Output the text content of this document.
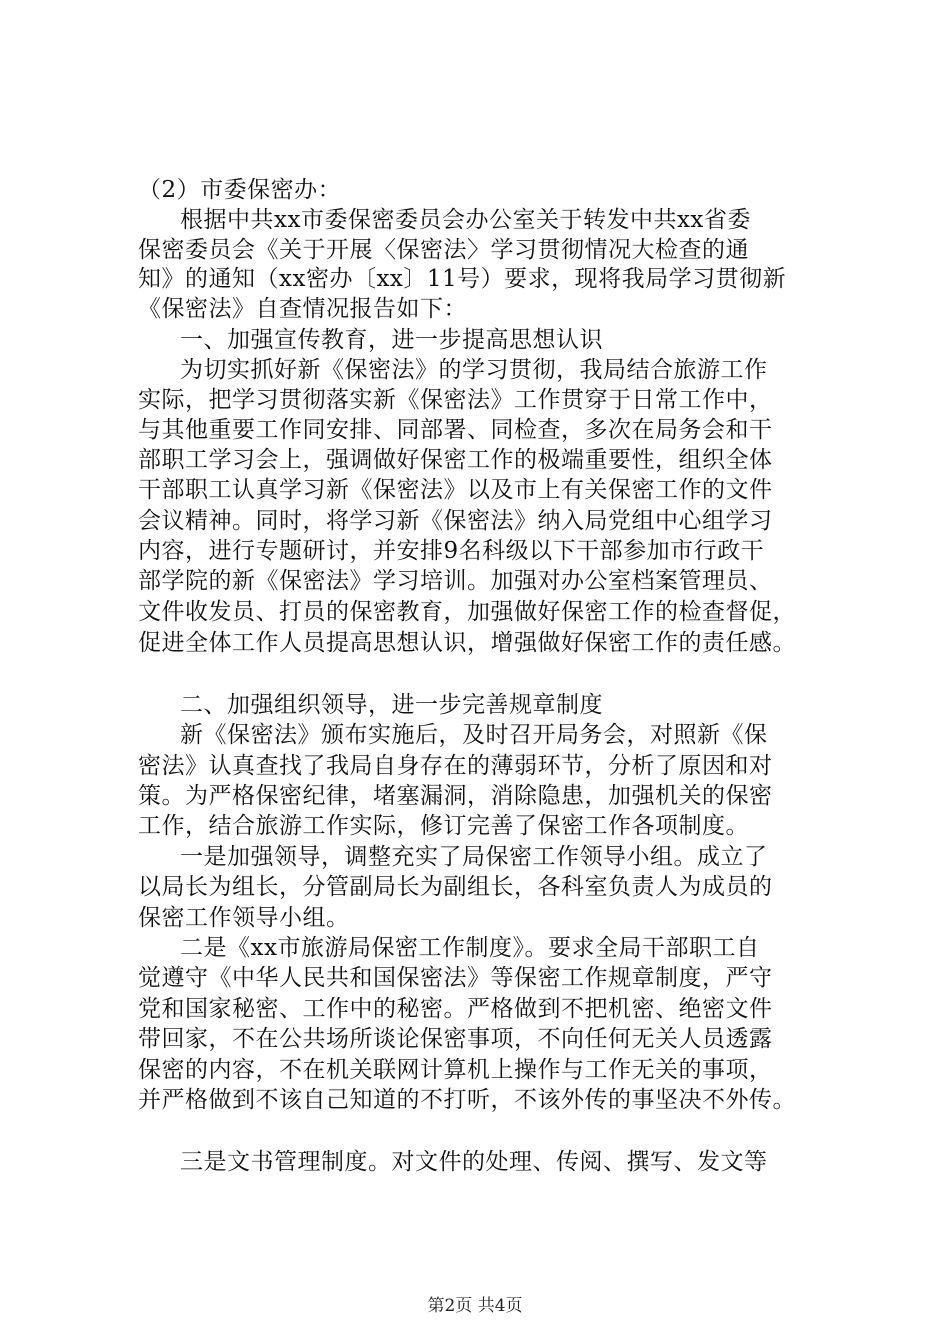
（2）市委保密办：
根据中共xx市委保密委员会办公室关于转发中共xx省委
保密委员会《关于开展〈保密法〉学习贯彻情况大检查的通
知》的通知（xx密办〔xx〕11号）要求，现将我局学习贯彻新
《保密法》自查情况报告如下：
一、加强宣传教育，进一步提高思想认识
为切实抓好新《保密法》的学习贯彻，我局结合旅游工作
实际，把学习贯彻落实新《保密法》工作贯穿于日常工作中，
与其他重要工作同安排、同部署、同检查，多次在局务会和干
部职工学习会上，强调做好保密工作的极端重要性，组织全体
干部职工认真学习新《保密法》以及市上有关保密工作的文件
会议精神。同时，将学习新《保密法》纳入局党组中心组学习
内容，进行专题研讨，并安排9名科级以下干部参加市行政干
部学院的新《保密法》学习培训。加强对办公室档案管理员、
文件收发员、打员的保密教育，加强做好保密工作的检查督促，
促进全体工作人员提高思想认识，增强做好保密工作的责任感。
二、加强组织领导，进一步完善规章制度
新《保密法》颁布实施后，及时召开局务会，对照新《保
密法》认真查找了我局自身存在的薄弱环节，分析了原因和对
策。为严格保密纪律，堵塞漏洞，消除隐患，加强机关的保密
工作，结合旅游工作实际，修订完善了保密工作各项制度。
一是加强领导，调整充实了局保密工作领导小组。成立了
以局长为组长，分管副局长为副组长，各科室负责人为成员的
保密工作领导小组。
二是《xx市旅游局保密工作制度》。要求全局干部职工自
觉遵守《中华人民共和国保密法》等保密工作规章制度，严守
党和国家秘密、工作中的秘密。严格做到不把机密、绝密文件
带回家，不在公共场所谈论保密事项，不向任何无关人员透露
保密的内容，不在机关联网计算机上操作与工作无关的事项，
并严格做到不该自己知道的不打听，不该外传的事坚决不外传。
三是文书管理制度。对文件的处理、传阅、撰写、发文等
第2页 共4页
